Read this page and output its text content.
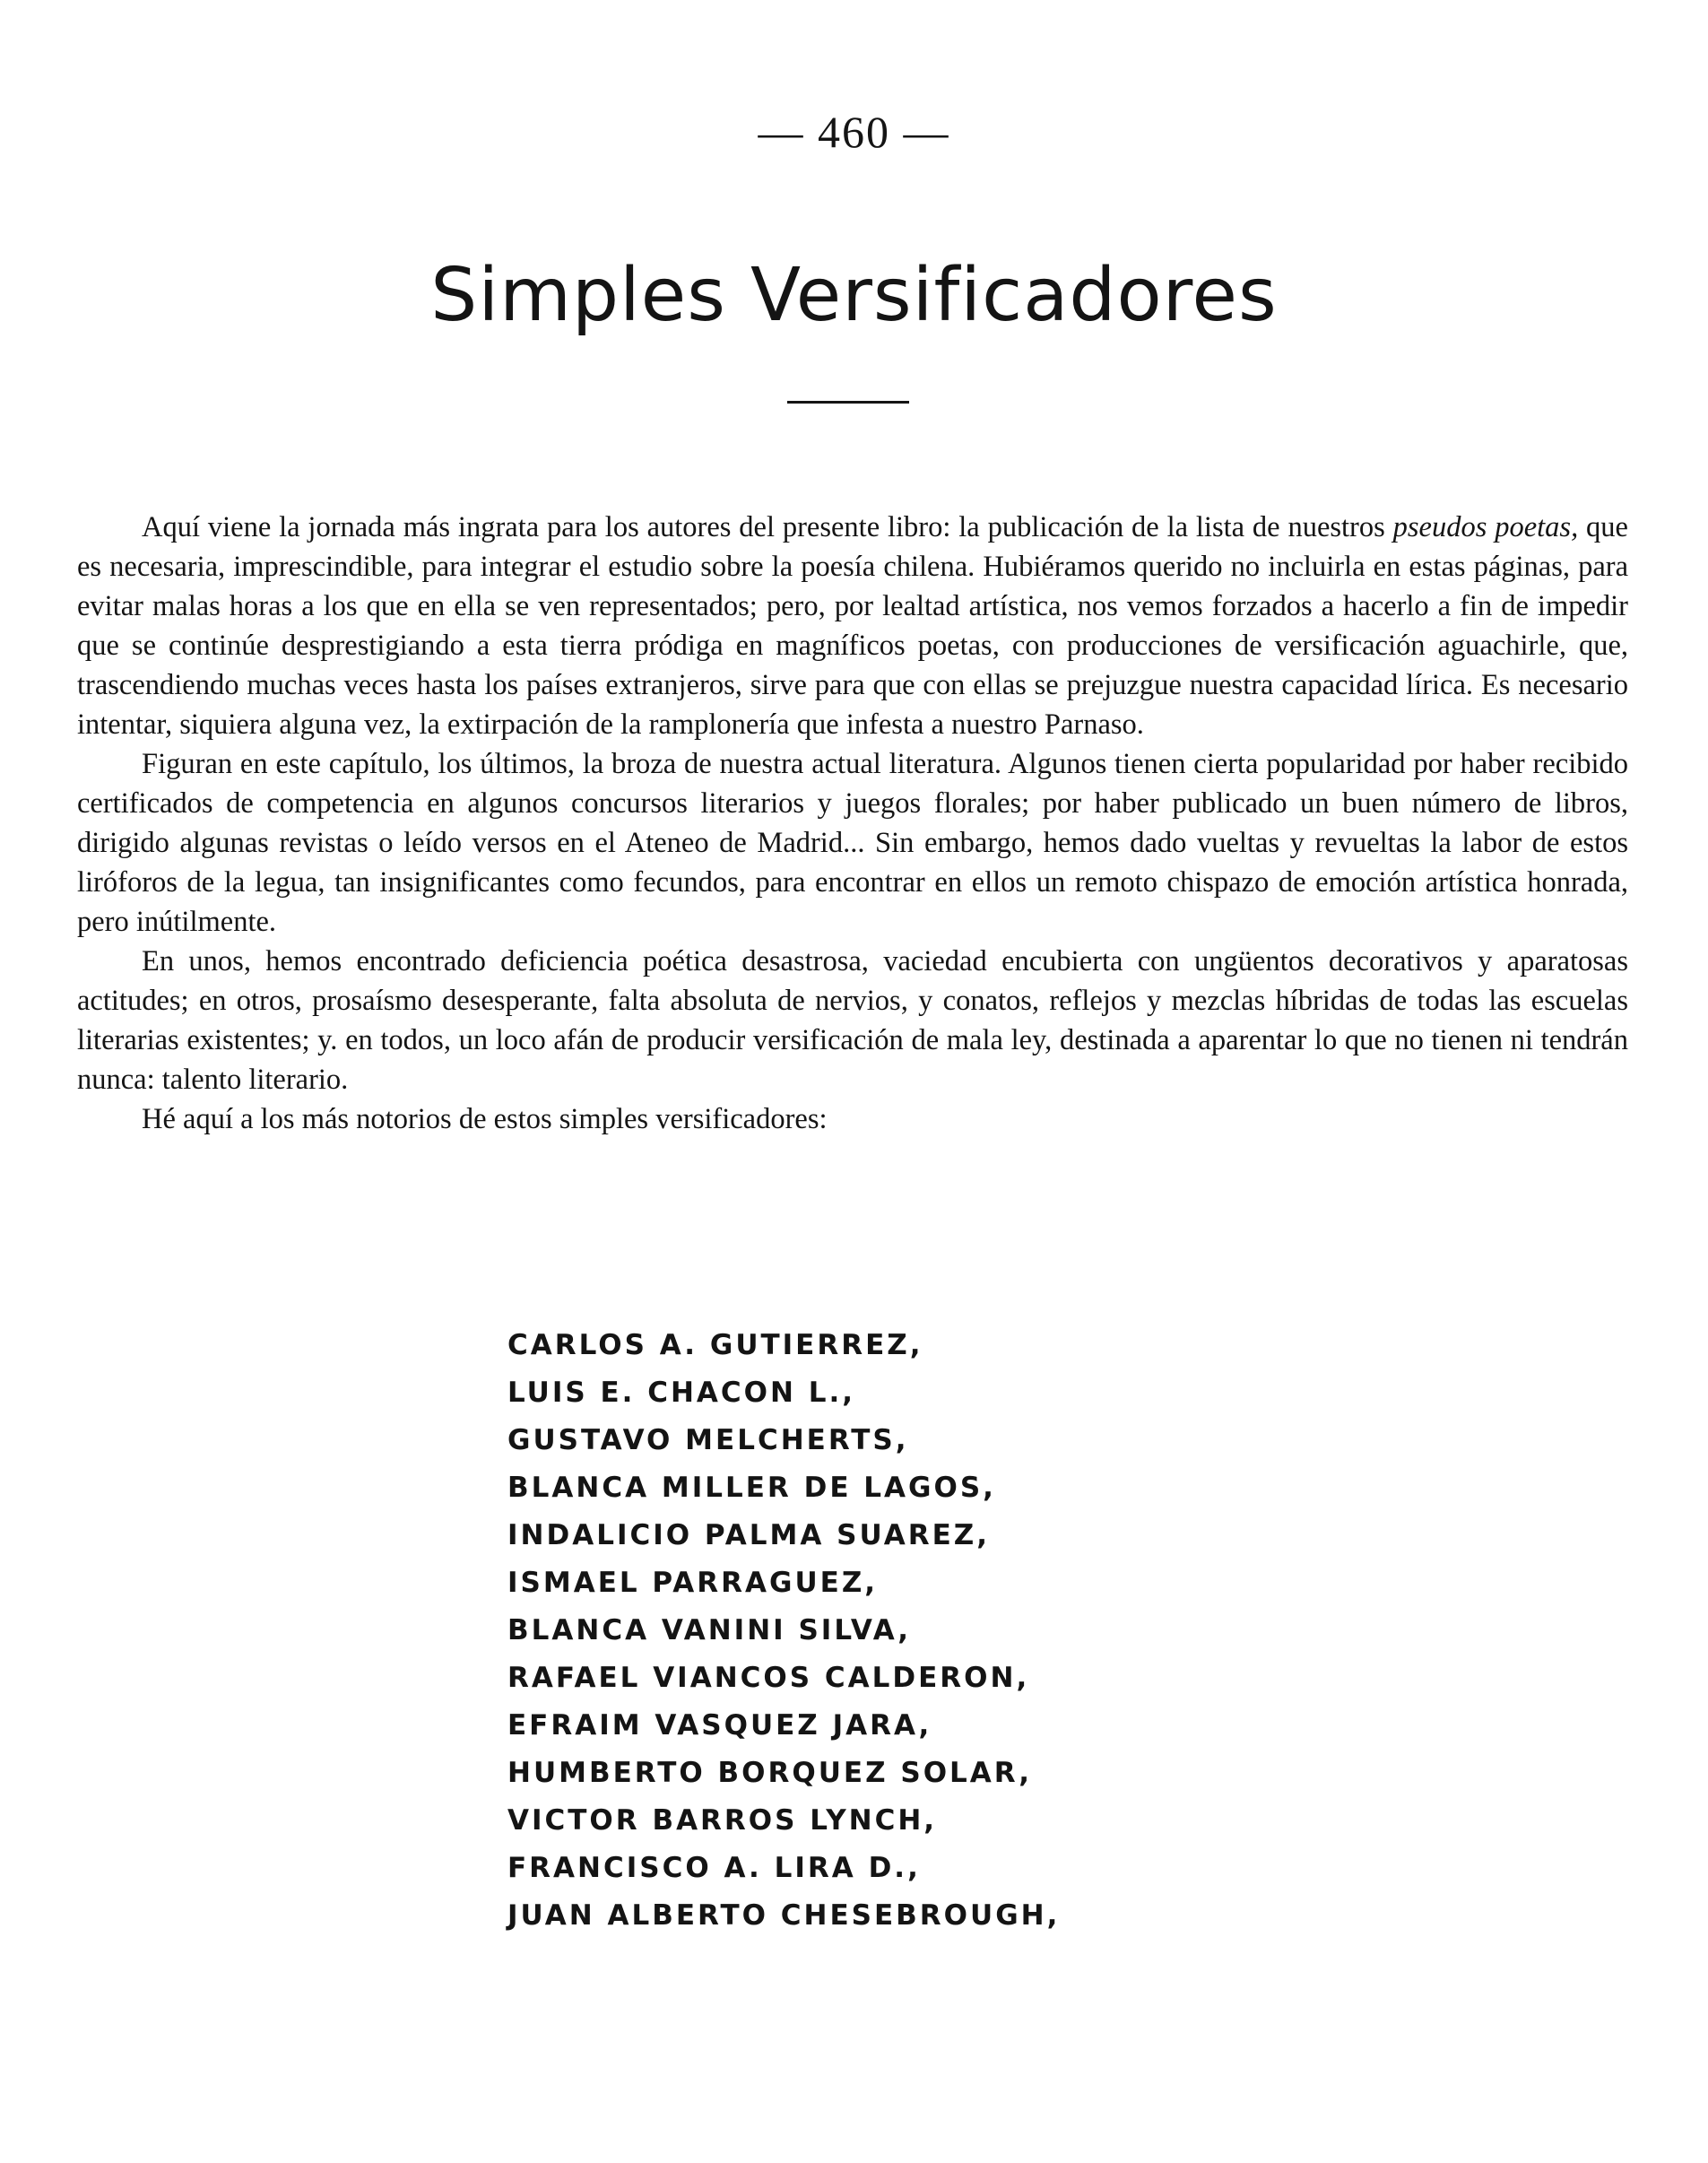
— 460 —
Simples Versificadores

Aquí viene la jornada más ingrata para los autores del presente libro: la publicación de la lista de nuestros pseudos poetas, que es necesaria, imprescindible, para integrar el estudio sobre la poesía chilena. Hubiéramos querido no incluirla en estas páginas, para evitar malas horas a los que en ella se ven representados; pero, por lealtad artística, nos vemos forzados a hacerlo a fin de impedir que se continúe desprestigiando a esta tierra pródiga en magníficos poetas, con producciones de versificación aguachirle, que, trascendiendo muchas veces hasta los países extranjeros, sirve para que con ellas se prejuzgue nuestra capacidad lírica. Es necesario intentar, siquiera alguna vez, la extirpación de la ramplonería que infesta a nuestro Parnaso.

Figuran en este capítulo, los últimos, la broza de nuestra actual literatura. Algunos tienen cierta popularidad por haber recibido certificados de competencia en algunos concursos literarios y juegos florales; por haber publicado un buen número de libros, dirigido algunas revistas o leído versos en el Ateneo de Madrid... Sin embargo, hemos dado vueltas y revueltas la labor de estos liróforos de la legua, tan insignificantes como fecundos, para encontrar en ellos un remoto chispazo de emoción artística honrada, pero inútilmente.

En unos, hemos encontrado deficiencia poética desastrosa, vaciedad encubierta con ungüentos decorativos y aparatosas actitudes; en otros, prosaísmo desesperante, falta absoluta de nervios, y conatos, reflejos y mezclas híbridas de todas las escuelas literarias existentes; y. en todos, un loco afán de producir versificación de mala ley, destinada a aparentar lo que no tienen ni tendrán nunca: talento literario.

Hé aquí a los más notorios de estos simples versificadores:

CARLOS A. GUTIERREZ,
LUIS E. CHACON L.,
GUSTAVO MELCHERTS,
BLANCA MILLER DE LAGOS,
INDALICIO PALMA SUAREZ,
ISMAEL PARRAGUEZ,
BLANCA VANINI SILVA,
RAFAEL VIANCOS CALDERON,
EFRAIM VASQUEZ JARA,
HUMBERTO BORQUEZ SOLAR,
VICTOR BARROS LYNCH,
FRANCISCO A. LIRA D.,
JUAN ALBERTO CHESEBROUGH,
